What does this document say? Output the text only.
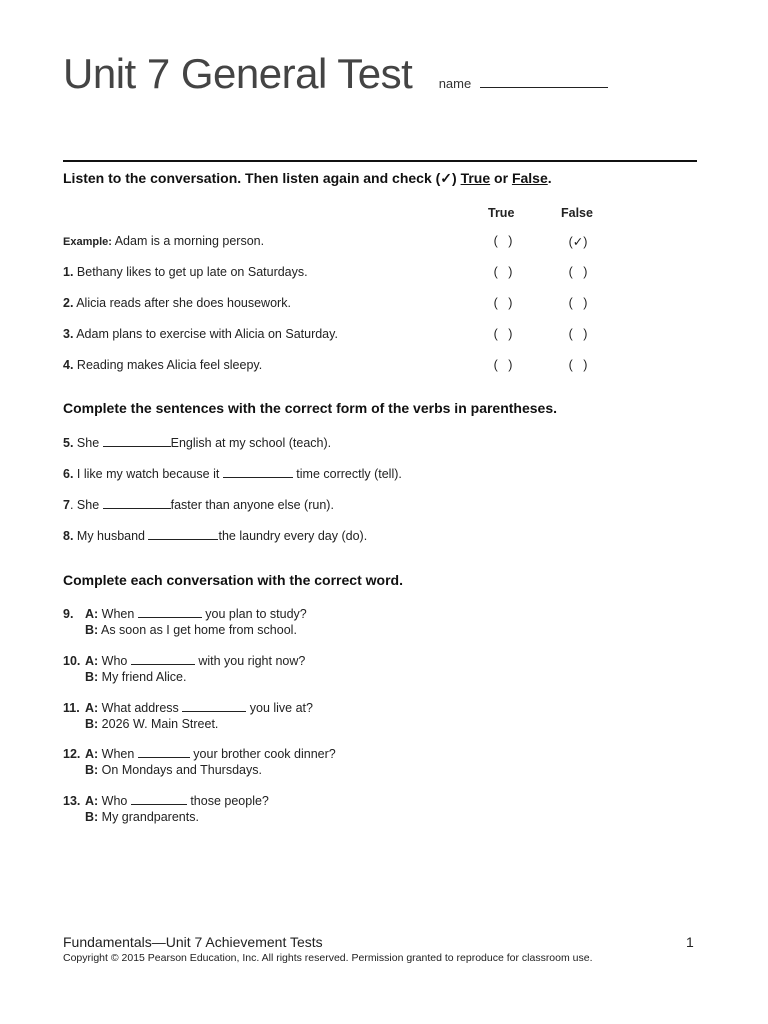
Unit 7 General Test name
Listen to the conversation. Then listen again and check (✓) True or False.
True	False
Example: Adam is a morning person.	(   )	(✓)
1. Bethany likes to get up late on Saturdays.	(   )	(   )
2. Alicia reads after she does housework.	(   )	(   )
3. Adam plans to exercise with Alicia on Saturday.	(   )	(   )
4. Reading makes Alicia feel sleepy.	(   )	(   )
Complete the sentences with the correct form of the verbs in parentheses.
5. She	English at my school (teach).
6. I like my watch because it	time correctly (tell).
7. She	faster than anyone else (run).
8. My husband	the laundry every day (do).
Complete each conversation with the correct word.
9. A: When	you plan to study?
B: As soon as I get home from school.
10. A: Who	with you right now?
B: My friend Alice.
11. A: What address	you live at?
B: 2026 W. Main Street.
12. A: When	your brother cook dinner?
B: On Mondays and Thursdays.
13. A: Who	those people?
B: My grandparents.
Fundamentals—Unit 7 Achievement Tests	1
Copyright © 2015 Pearson Education, Inc. All rights reserved. Permission granted to reproduce for classroom use.
